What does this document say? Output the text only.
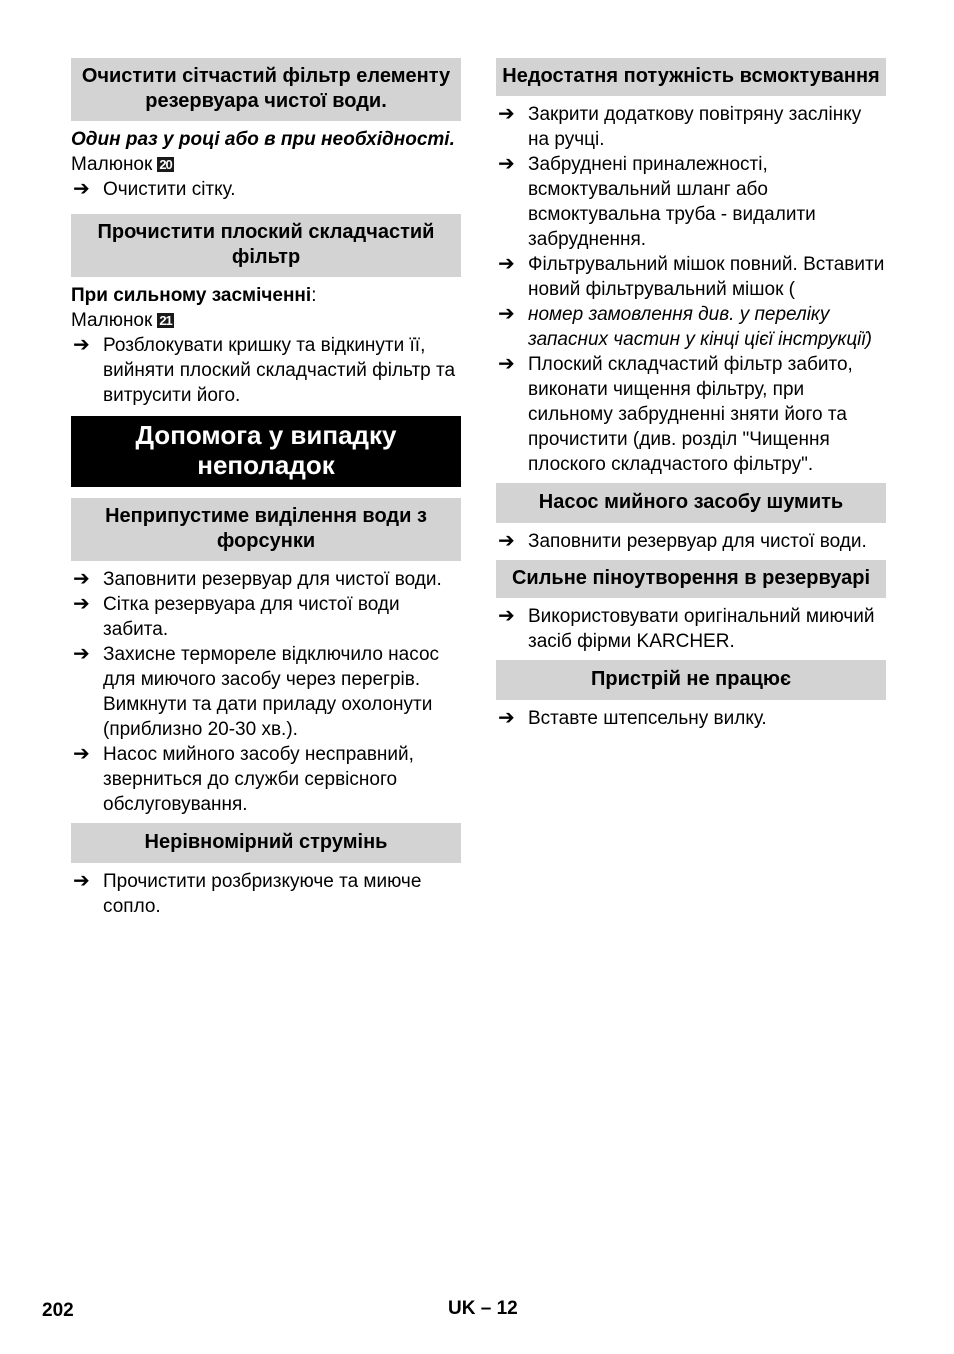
Очистити сітчастий фільтр елементу резервуара чистої води.

Один раз у році або в при необхідності.

Малюнок 20

➔ Очистити сітку.
Прочистити плоский складчастий фільтр

При сильному засміченні:

Малюнок 21

➔ Розблокувати кришку та відкинути її, вийняти плоский складчастий фільтр та витрусити його.
Допомога у випадку неполадок
Неприпустиме виділення води з форсунки
➔ Заповнити резервуар для чистої води.
➔ Сітка резервуара для чистої води забита.
➔ Захисне термореле відключило насос для миючого засобу через перегрів. Вимкнути та дати приладу охолонути (приблизно 20-30 хв.).
➔ Насос мийного засобу несправний, зверниться до служби сервісного обслуговування.
Нерівномірний струмінь
➔ Прочистити розбризкуюче та миюче сопло.
Недостатня потужність всмоктування
➔ Закрити додаткову повітряну заслінку на ручці.
➔ Забруднені приналежності, всмоктувальний шланг або всмоктувальна труба - видалити забруднення.
➔ Фільтрувальний мішок повний. Вставити новий фільтрувальний мішок (
➔ номер замовлення див. у переліку запасних частин у кінці цієї інструкції)
➔ Плоский складчастий фільтр забито, виконати чищення фільтру, при сильному забрудненні зняти його та прочистити (див. розділ "Чищення плоского складчастого фільтру".
Насос мийного засобу шумить
➔ Заповнити резервуар для чистої води.
Сильне піноутворення в резервуарі
➔ Використовувати оригінальний миючий засіб фірми KARCHER.
Пристрій не працює
➔ Вставте штепсельну вилку.
202	UK – 12
